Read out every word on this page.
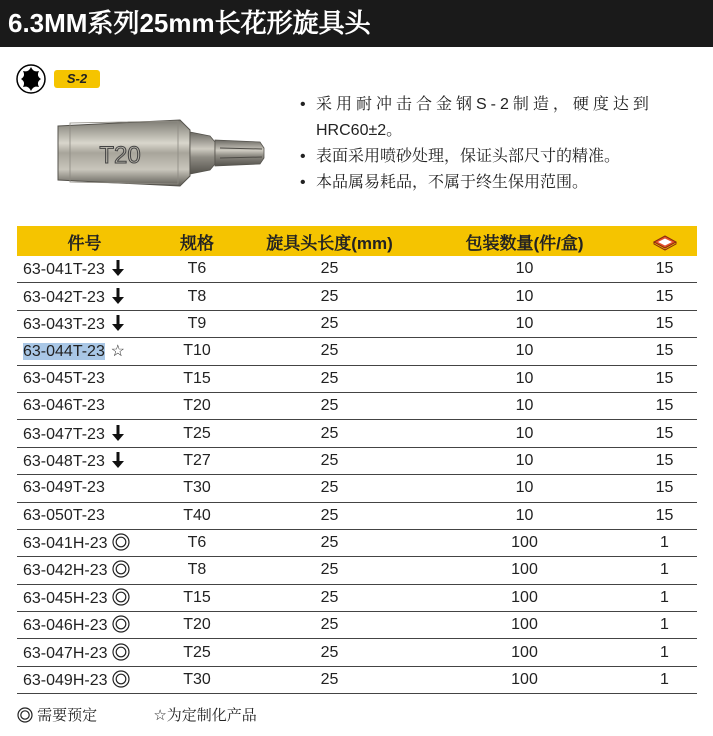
6.3MM系列25mm长花形旋具头
S-2
T20
• 采用耐冲击合金钢S-2制造，硬度达到
HRC60±2。
• 表面采用喷砂处理，保证头部尺寸的精准。
• 本品属易耗品，不属于终生保用范围。
件号	规格	旋具头长度(mm)	包装数量(件/盒)	
63-041T-23	T6	25	10	15
63-042T-23	T8	25	10	15
63-043T-23	T9	25	10	15
63-044T-23 ☆	T10	25	10	15
63-045T-23	T15	25	10	15
63-046T-23	T20	25	10	15
63-047T-23	T25	25	10	15
63-048T-23	T27	25	10	15
63-049T-23	T30	25	10	15
63-050T-23	T40	25	10	15
63-041H-23	T6	25	100	1
63-042H-23	T8	25	100	1
63-045H-23	T15	25	100	1
63-046H-23	T20	25	100	1
63-047H-23	T25	25	100	1
63-049H-23	T30	25	100	1
需要预定	☆为定制化产品
